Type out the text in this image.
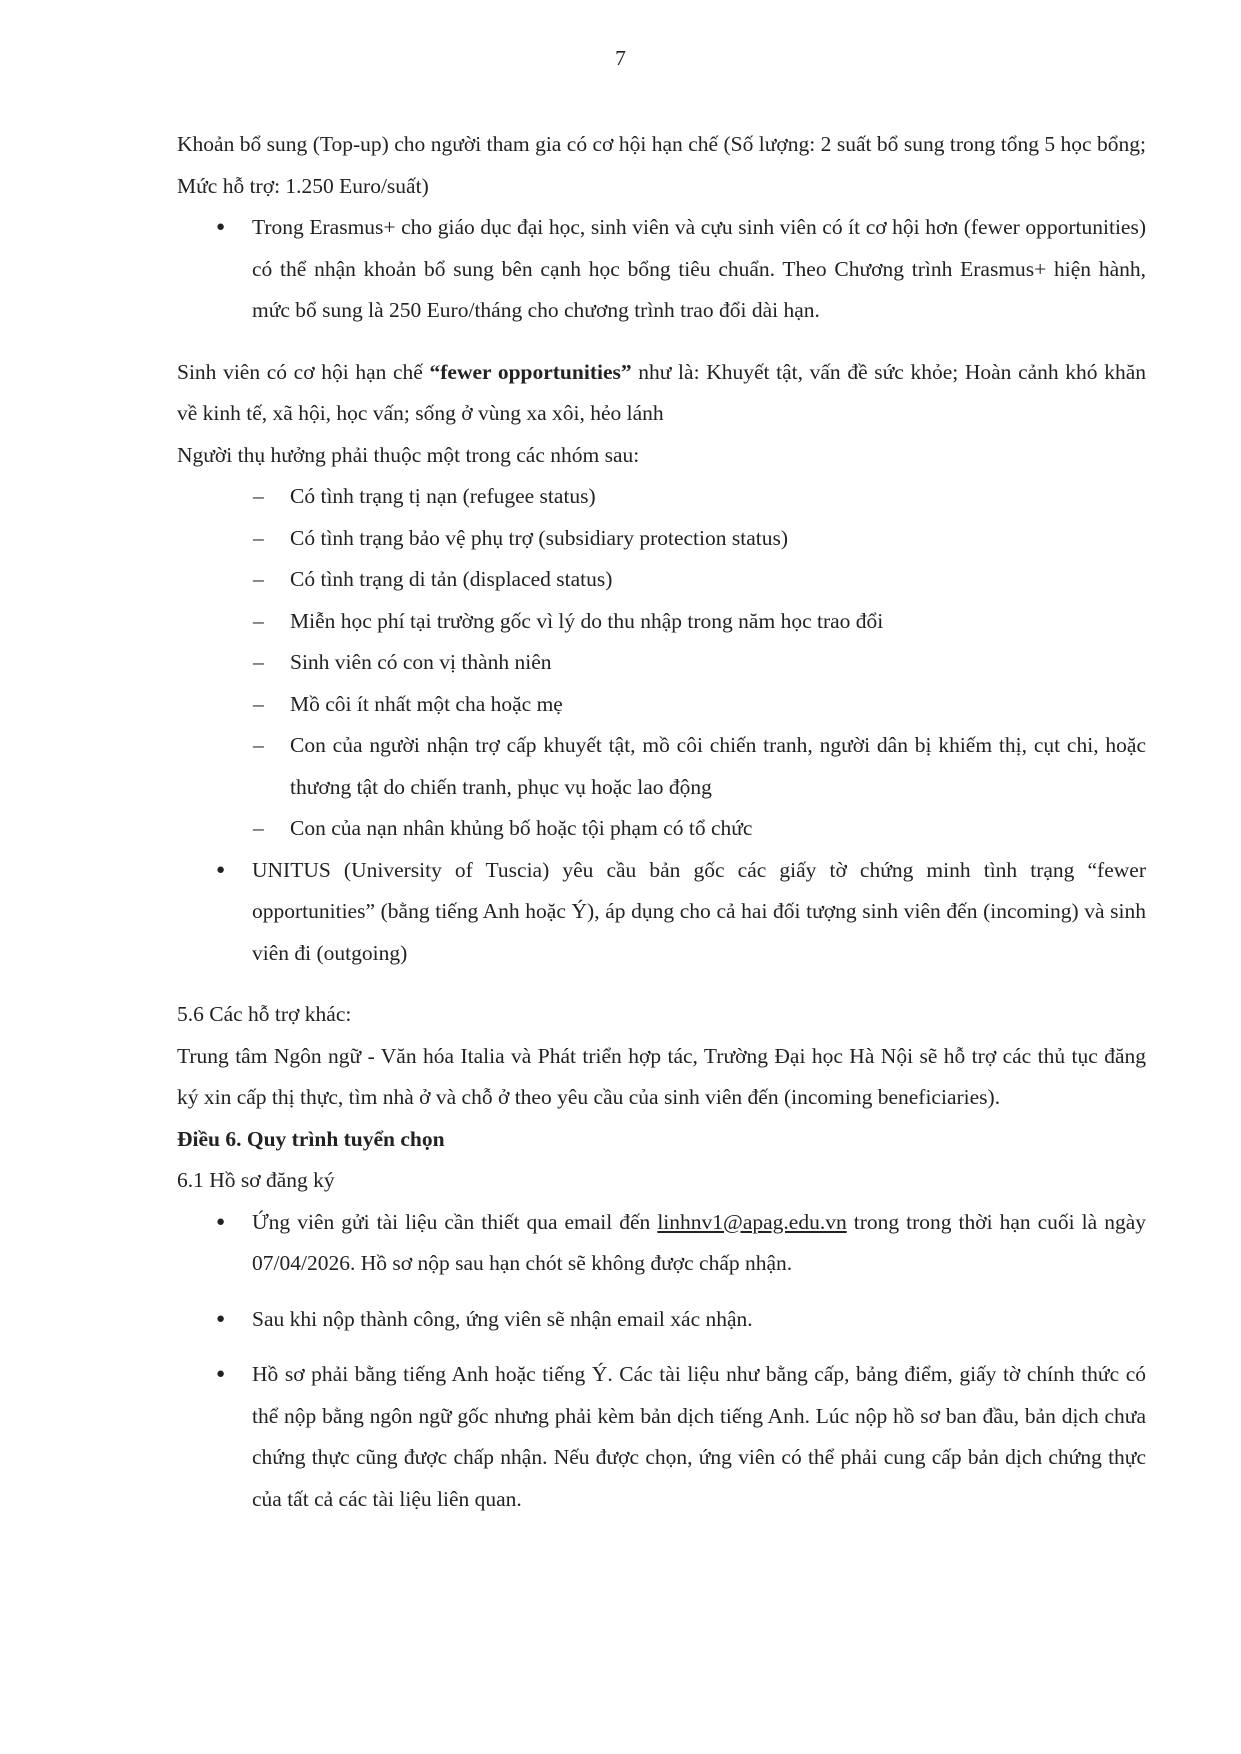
7

Khoản bổ sung (Top-up) cho người tham gia có cơ hội hạn chế (Số lượng: 2 suất bổ sung trong tổng 5 học bổng; Mức hỗ trợ: 1.250 Euro/suất)

● Trong Erasmus+ cho giáo dục đại học, sinh viên và cựu sinh viên có ít cơ hội hơn (fewer opportunities) có thể nhận khoản bổ sung bên cạnh học bổng tiêu chuẩn. Theo Chương trình Erasmus+ hiện hành, mức bổ sung là 250 Euro/tháng cho chương trình trao đổi dài hạn.

Sinh viên có cơ hội hạn chế “fewer opportunities” như là: Khuyết tật, vấn đề sức khỏe; Hoàn cảnh khó khăn về kinh tế, xã hội, học vấn; sống ở vùng xa xôi, hẻo lánh

Người thụ hưởng phải thuộc một trong các nhóm sau:

– Có tình trạng tị nạn (refugee status)
– Có tình trạng bảo vệ phụ trợ (subsidiary protection status)
– Có tình trạng di tản (displaced status)
– Miễn học phí tại trường gốc vì lý do thu nhập trong năm học trao đổi
– Sinh viên có con vị thành niên
– Mồ côi ít nhất một cha hoặc mẹ
– Con của người nhận trợ cấp khuyết tật, mồ côi chiến tranh, người dân bị khiếm thị, cụt chi, hoặc thương tật do chiến tranh, phục vụ hoặc lao động
– Con của nạn nhân khủng bố hoặc tội phạm có tổ chức
● UNITUS (University of Tuscia) yêu cầu bản gốc các giấy tờ chứng minh tình trạng “fewer opportunities” (bằng tiếng Anh hoặc Ý), áp dụng cho cả hai đối tượng sinh viên đến (incoming) và sinh viên đi (outgoing)

5.6 Các hỗ trợ khác:

Trung tâm Ngôn ngữ - Văn hóa Italia và Phát triển hợp tác, Trường Đại học Hà Nội sẽ hỗ trợ các thủ tục đăng ký xin cấp thị thực, tìm nhà ở và chỗ ở theo yêu cầu của sinh viên đến (incoming beneficiaries).

Điều 6. Quy trình tuyển chọn

6.1 Hồ sơ đăng ký

● Ứng viên gửi tài liệu cần thiết qua email đến linhnv1@apag.edu.vn trong trong thời hạn cuối là ngày 07/04/2026. Hồ sơ nộp sau hạn chót sẽ không được chấp nhận.
● Sau khi nộp thành công, ứng viên sẽ nhận email xác nhận.
● Hồ sơ phải bằng tiếng Anh hoặc tiếng Ý. Các tài liệu như bằng cấp, bảng điểm, giấy tờ chính thức có thể nộp bằng ngôn ngữ gốc nhưng phải kèm bản dịch tiếng Anh. Lúc nộp hồ sơ ban đầu, bản dịch chưa chứng thực cũng được chấp nhận. Nếu được chọn, ứng viên có thể phải cung cấp bản dịch chứng thực của tất cả các tài liệu liên quan.
